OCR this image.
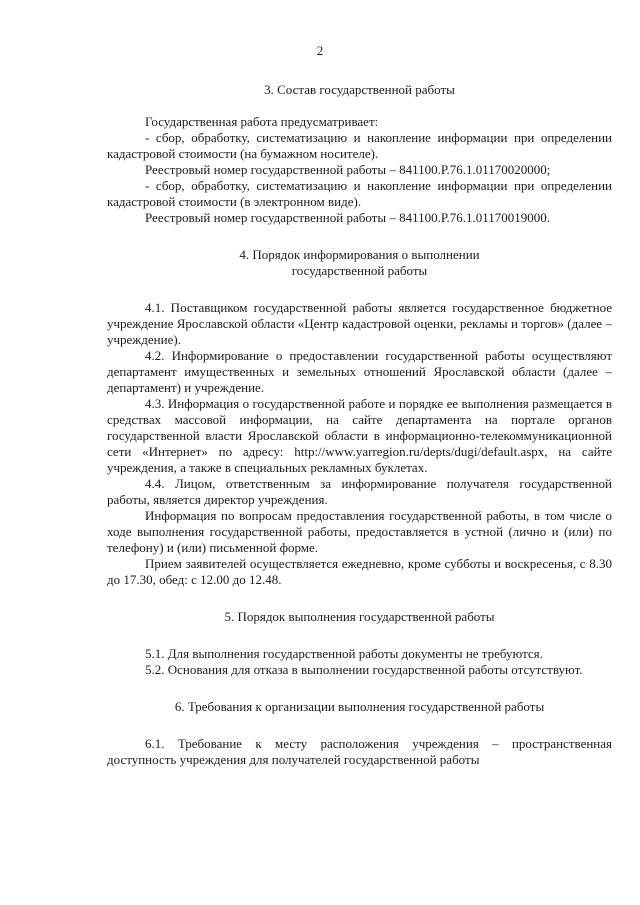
2
3. Состав государственной работы
Государственная работа предусматривает:
- сбор, обработку, систематизацию и накопление информации при определении кадастровой стоимости (на бумажном носителе).
Реестровый номер государственной работы – 841100.Р.76.1.01170020000;
- сбор, обработку, систематизацию и накопление информации при определении кадастровой стоимости (в электронном виде).
Реестровый номер государственной работы – 841100.Р.76.1.01170019000.
4. Порядок информирования о выполнении
государственной работы
4.1. Поставщиком государственной работы является государственное бюджетное учреждение Ярославской области «Центр кадастровой оценки, рекламы и торгов» (далее – учреждение).
4.2. Информирование о предоставлении государственной работы осуществляют департамент имущественных и земельных отношений Ярославской области (далее – департамент) и учреждение.
4.3. Информация о государственной работе и порядке ее выполнения размещается в средствах массовой информации, на сайте департамента на портале органов государственной власти Ярославской области в информационно-телекоммуникационной сети «Интернет» по адресу: http://www.yarregion.ru/depts/dugi/default.aspx, на сайте учреждения, а также в специальных рекламных буклетах.
4.4. Лицом, ответственным за информирование получателя государственной работы, является директор учреждения.
Информация по вопросам предоставления государственной работы, в том числе о ходе выполнения государственной работы, предоставляется в устной (лично и (или) по телефону) и (или) письменной форме.
Прием заявителей осуществляется ежедневно, кроме субботы и воскресенья, с 8.30 до 17.30, обед: с 12.00 до 12.48.
5. Порядок выполнения государственной работы
5.1. Для выполнения государственной работы документы не требуются.
5.2. Основания для отказа в выполнении государственной работы отсутствуют.
6. Требования к организации выполнения государственной работы
6.1. Требование к месту расположения учреждения – пространственная доступность учреждения для получателей государственной работы
